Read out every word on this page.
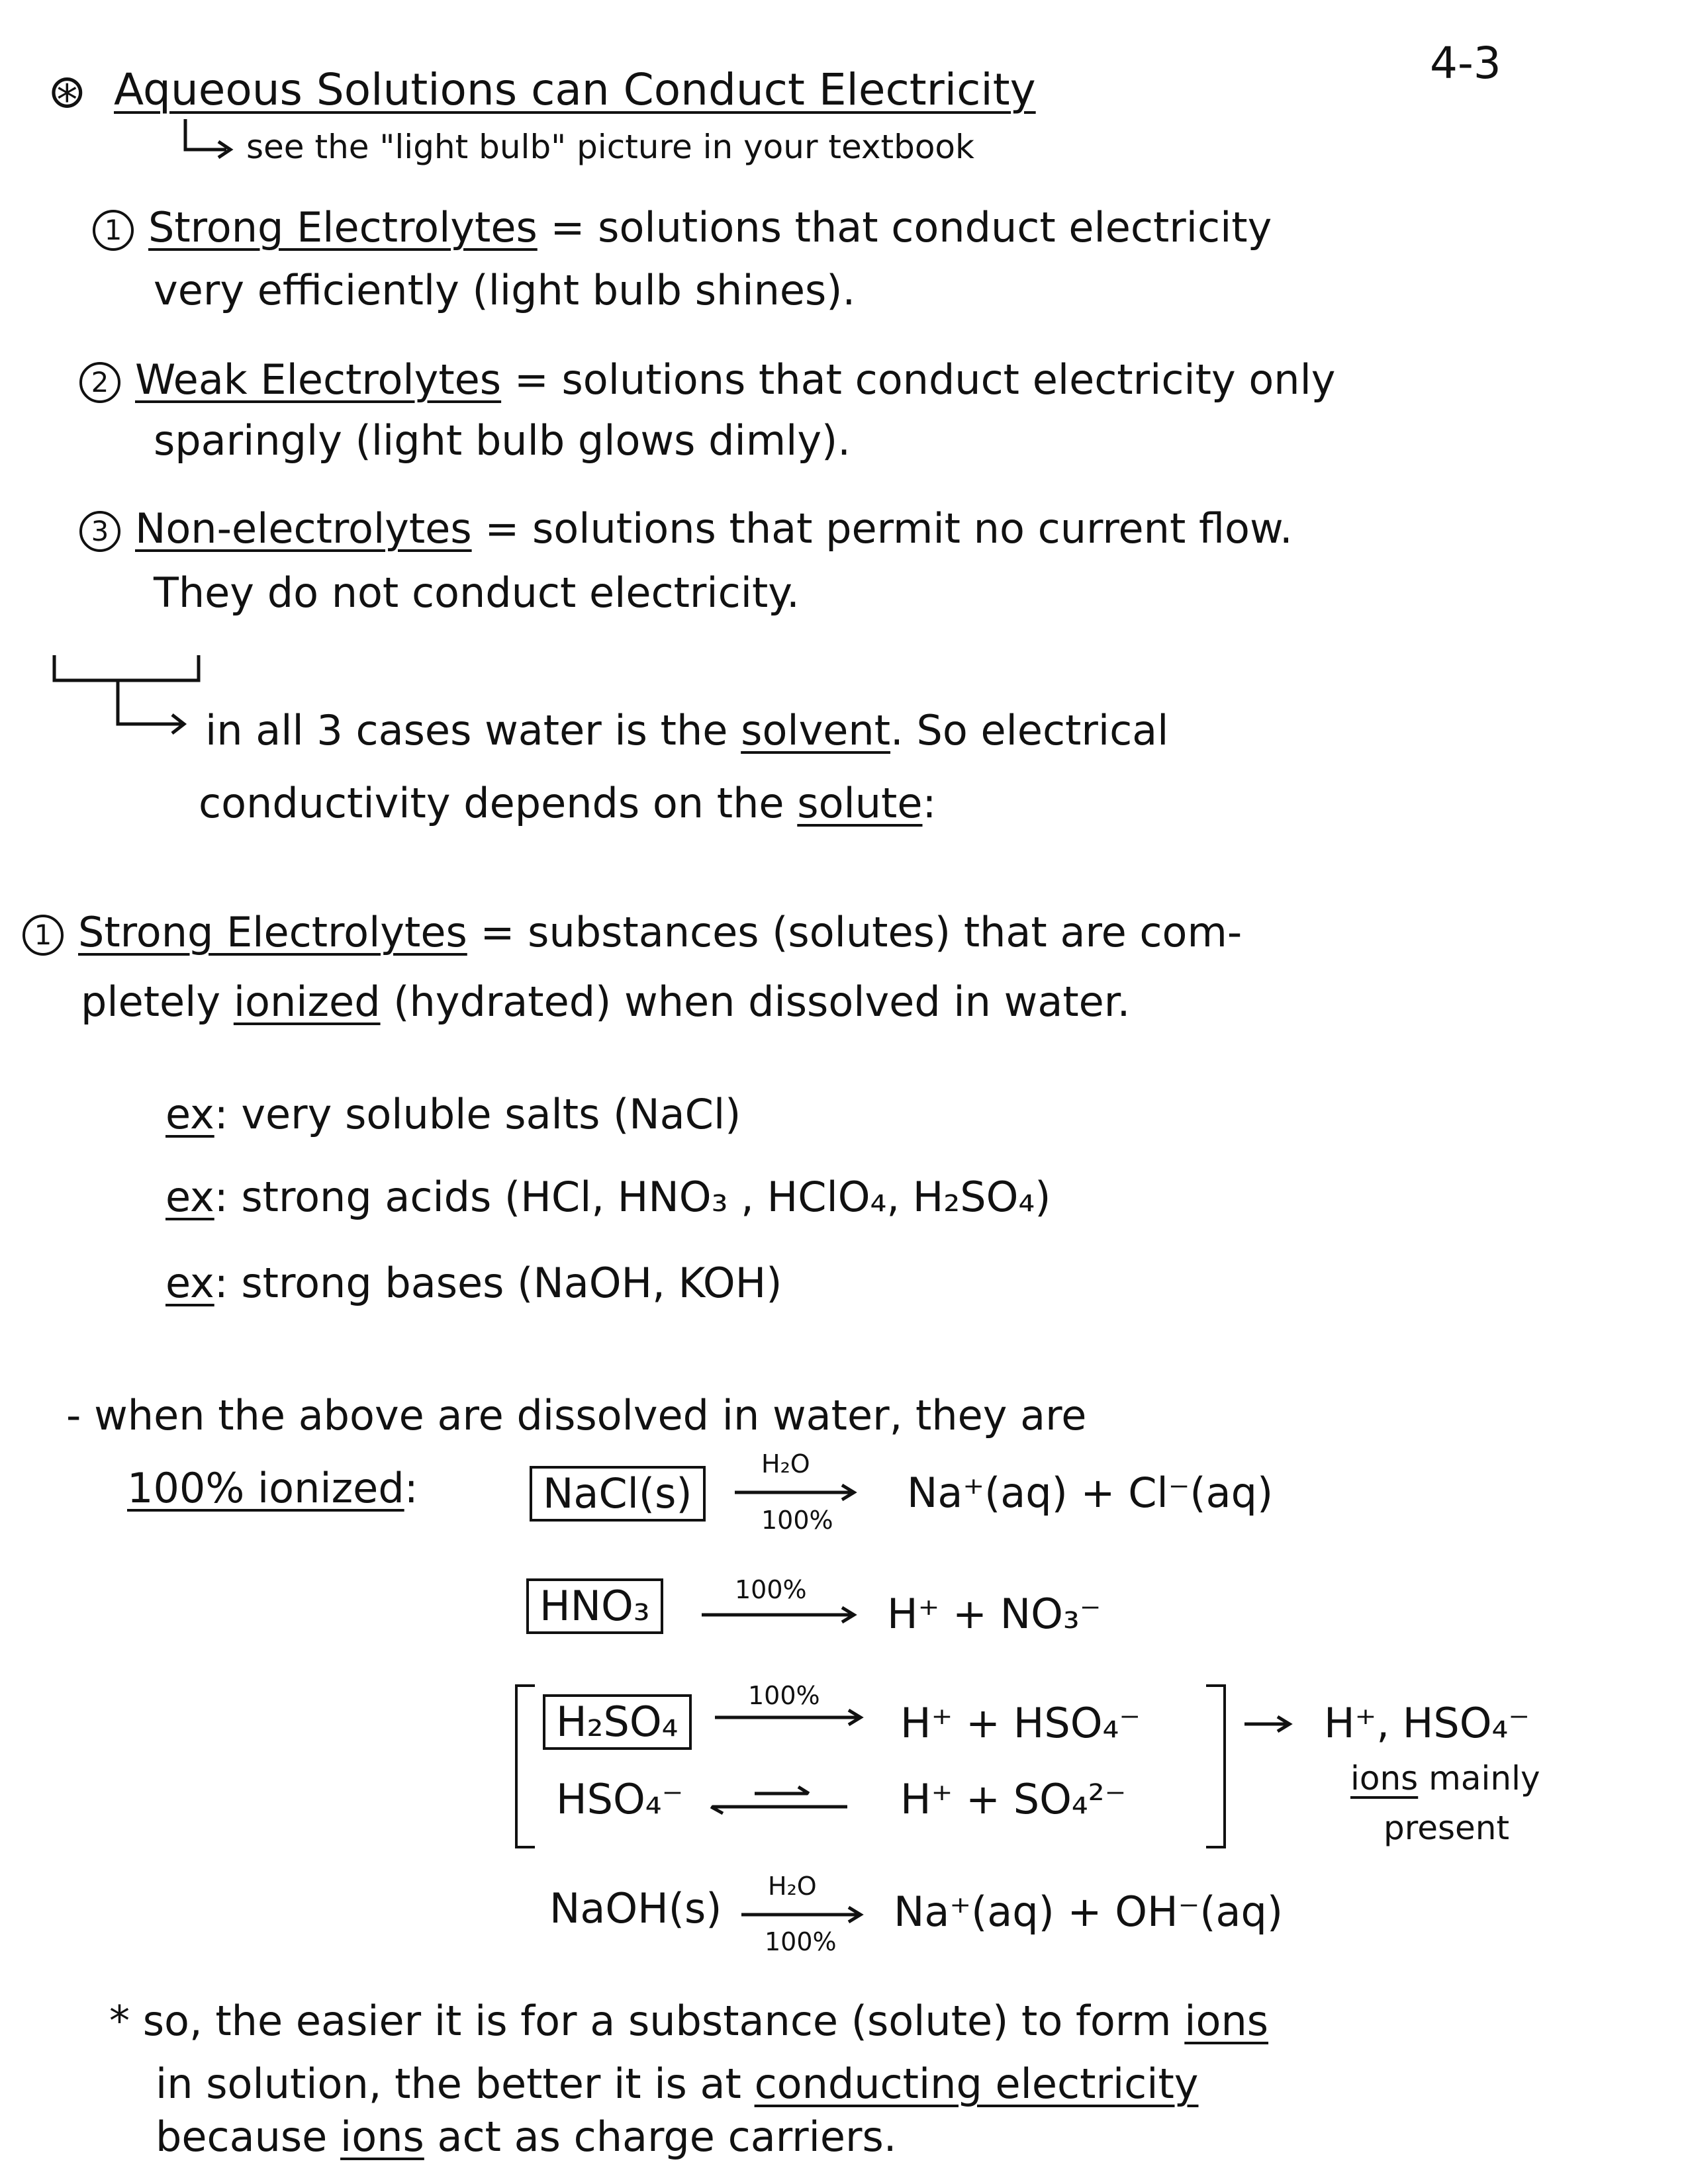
4-3
⊛ Aqueous Solutions can Conduct Electricity
see the "light bulb" picture in your textbook
1 Strong Electrolytes = solutions that conduct electricity
very efficiently (light bulb shines).
2 Weak Electrolytes = solutions that conduct electricity only
sparingly (light bulb glows dimly).
3 Non-electrolytes = solutions that permit no current flow.
They do not conduct electricity.
in all 3 cases water is the solvent. So electrical
conductivity depends on the solute:
1 Strong Electrolytes = substances (solutes) that are com-
pletely ionized (hydrated) when dissolved in water.
ex: very soluble salts (NaCl)
ex: strong acids (HCl, HNO₃ , HClO₄, H₂SO₄)
ex: strong bases (NaOH, KOH)
- when the above are dissolved in water, they are
100% ionized:	NaCl(s)
H₂O
100%
Na⁺(aq) + Cl⁻(aq)
HNO₃	100% H⁺ + NO₃⁻
H₂SO₄
100%
H⁺ + HSO₄⁻
HSO₄⁻	H⁺ + SO₄²⁻
H⁺, HSO₄⁻
ions mainly
present
NaOH(s) H₂O
100%
Na⁺(aq) + OH⁻(aq)
* so, the easier it is for a substance (solute) to form ions
in solution, the better it is at conducting electricity
because ions act as charge carriers.
